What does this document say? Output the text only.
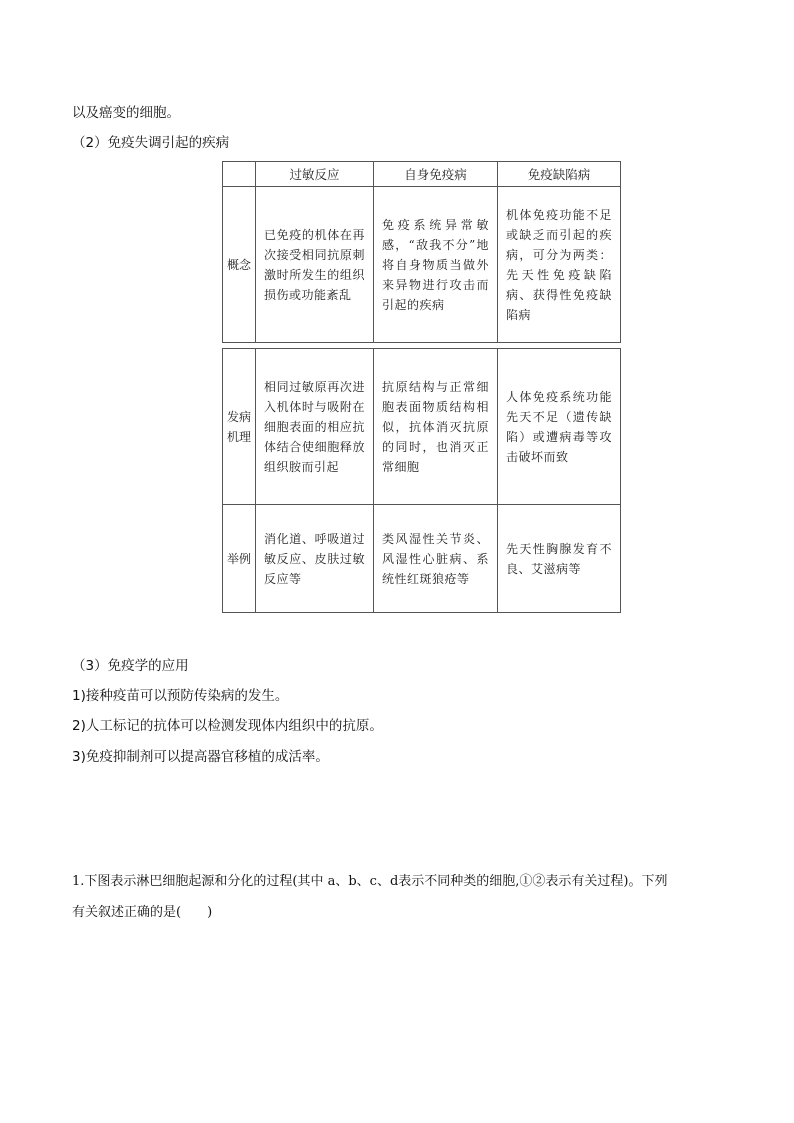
以及癌变的细胞。
（2）免疫失调引起的疾病
	过敏反应	自身免疫病	免疫缺陷病
概念	已免疫的机体在再次接受相同抗原刺激时所发生的组织损伤或功能紊乱	免疫系统异常敏感，“敌我不分”地将自身物质当做外来异物进行攻击而引起的疾病	机体免疫功能不足或缺乏而引起的疾病，可分为两类：先天性免疫缺陷病、获得性免疫缺陷病
发病机理	相同过敏原再次进入机体时与吸附在细胞表面的相应抗体结合使细胞释放组织胺而引起	抗原结构与正常细胞表面物质结构相似，抗体消灭抗原的同时，也消灭正常细胞	人体免疫系统功能先天不足（遗传缺陷）或遭病毒等攻击破坏而致
举例	消化道、呼吸道过敏反应、皮肤过敏反应等	类风湿性关节炎、风湿性心脏病、系统性红斑狼疮等	先天性胸腺发育不良、艾滋病等
（3）免疫学的应用
1)接种疫苗可以预防传染病的发生。
2)人工标记的抗体可以检测发现体内组织中的抗原。
3)免疫抑制剂可以提高器官移植的成活率。
1.下图表示淋巴细胞起源和分化的过程(其中 a、b、c、d表示不同种类的细胞,①②表示有关过程)。下列
有关叙述正确的是(　　)
